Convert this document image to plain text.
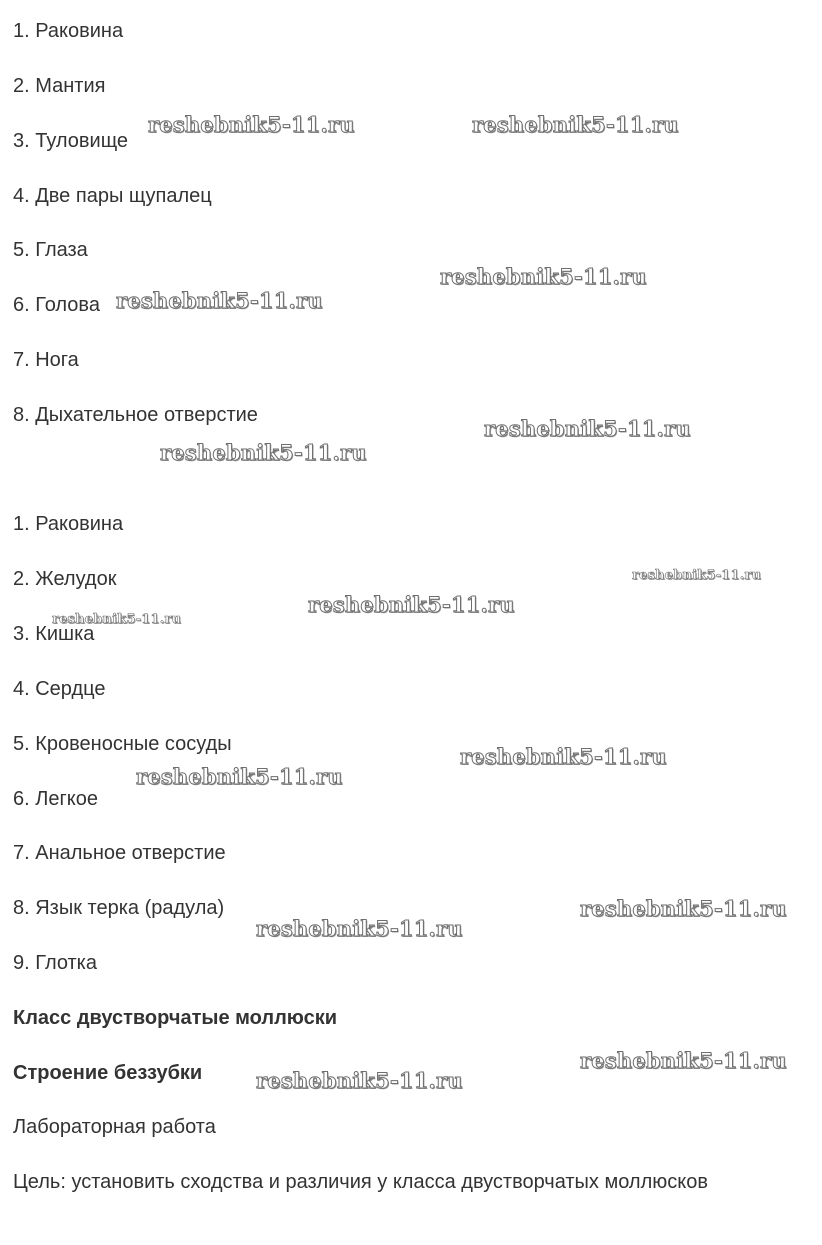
1. Раковина
2. Мантия
3. Туловище
4. Две пары щупалец
5. Глаза
6. Голова
7. Нога
8. Дыхательное отверстие
1. Раковина
2. Желудок
3. Кишка
4. Сердце
5. Кровеносные сосуды
6. Легкое
7. Анальное отверстие
8. Язык терка (радула)
9. Глотка
Класс двустворчатые моллюски
Строение беззубки
Лабораторная работа
Цель: установить сходства и различия у класса двустворчатых моллюсков
reshebnik5-11.ru	reshebnik5-11.ru
reshebnik5-11.ru
reshebnik5-11.ru
reshebnik5-11.ru
reshebnik5-11.ru
reshebnik5-11.ru
reshebnik5-11.ru
reshebnik5-11.ru
reshebnik5-11.ru
reshebnik5-11.ru
reshebnik5-11.ru
reshebnik5-11.ru
reshebnik5-11.ru
reshebnik5-11.ru
